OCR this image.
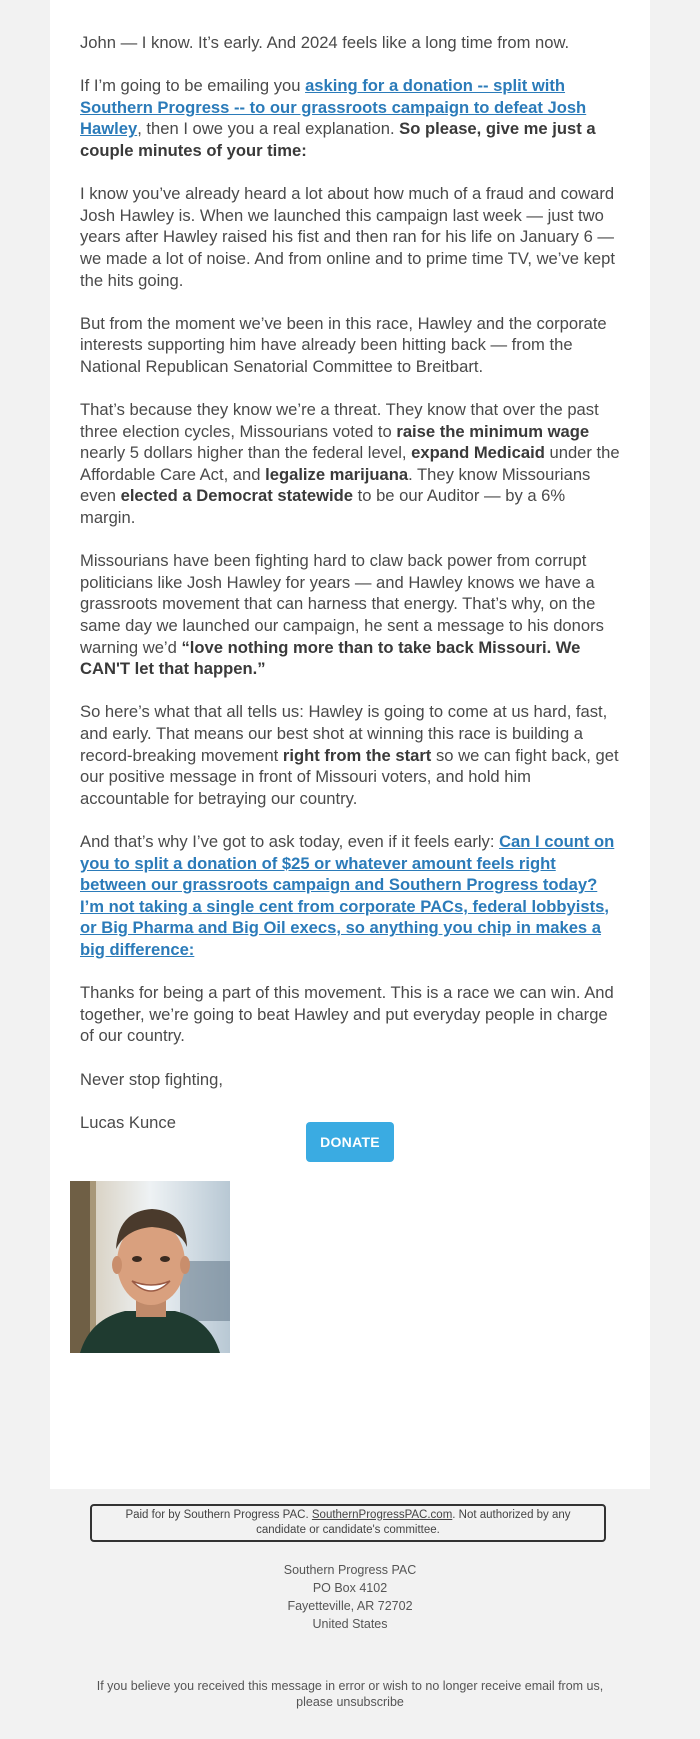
John — I know. It’s early. And 2024 feels like a long time from now.

If I’m going to be emailing you asking for a donation -- split with Southern Progress -- to our grassroots campaign to defeat Josh Hawley, then I owe you a real explanation. So please, give me just a couple minutes of your time:

I know you’ve already heard a lot about how much of a fraud and coward Josh Hawley is. When we launched this campaign last week — just two years after Hawley raised his fist and then ran for his life on January 6 — we made a lot of noise. And from online and to prime time TV, we’ve kept the hits going.

But from the moment we’ve been in this race, Hawley and the corporate interests supporting him have already been hitting back — from the National Republican Senatorial Committee to Breitbart.

That’s because they know we’re a threat. They know that over the past three election cycles, Missourians voted to raise the minimum wage nearly 5 dollars higher than the federal level, expand Medicaid under the Affordable Care Act, and legalize marijuana. They know Missourians even elected a Democrat statewide to be our Auditor — by a 6% margin.

Missourians have been fighting hard to claw back power from corrupt politicians like Josh Hawley for years — and Hawley knows we have a grassroots movement that can harness that energy. That’s why, on the same day we launched our campaign, he sent a message to his donors warning we’d “love nothing more than to take back Missouri. We CAN'T let that happen.”

So here’s what that all tells us: Hawley is going to come at us hard, fast, and early. That means our best shot at winning this race is building a record-breaking movement right from the start so we can fight back, get our positive message in front of Missouri voters, and hold him accountable for betraying our country.

And that’s why I’ve got to ask today, even if it feels early: Can I count on you to split a donation of $25 or whatever amount feels right between our grassroots campaign and Southern Progress today? I’m not taking a single cent from corporate PACs, federal lobbyists, or Big Pharma and Big Oil execs, so anything you chip in makes a big difference:

Thanks for being a part of this movement. This is a race we can win. And together, we’re going to beat Hawley and put everyday people in charge of our country.

Never stop fighting,

Lucas Kunce

DONATE
Paid for by Southern Progress PAC. SouthernProgressPAC.com. Not authorized by any candidate or candidate's committee.
Southern Progress PAC
PO Box 4102
Fayetteville, AR 72702
United States
If you believe you received this message in error or wish to no longer receive email from us, please unsubscribe
